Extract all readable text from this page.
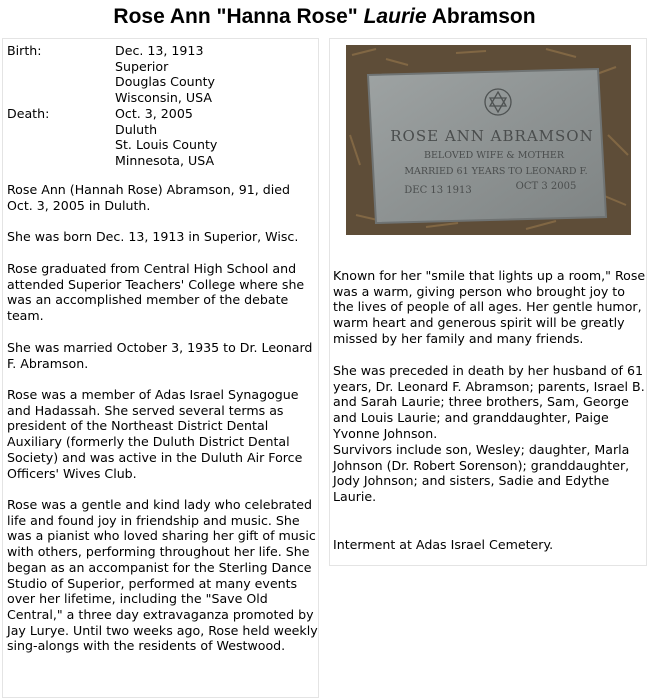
Rose Ann "Hanna Rose" Laurie Abramson
Birth:	Dec. 13, 1913
Superior
Douglas County
Wisconsin, USA
Death:	Oct. 3, 2005
Duluth
St. Louis County
Minnesota, USA

Rose Ann (Hannah Rose) Abramson, 91, died Oct. 3, 2005 in Duluth.

She was born Dec. 13, 1913 in Superior, Wisc.

Rose graduated from Central High School and attended Superior Teachers' College where she was an accomplished member of the debate team.

She was married October 3, 1935 to Dr. Leonard F. Abramson.

Rose was a member of Adas Israel Synagogue and Hadassah. She served several terms as president of the Northeast District Dental Auxiliary (formerly the Duluth District Dental Society) and was active in the Duluth Air Force Officers' Wives Club.

Rose was a gentle and kind lady who celebrated life and found joy in friendship and music. She was a pianist who loved sharing her gift of music with others, performing throughout her life. She began as an accompanist for the Sterling Dance Studio of Superior, performed at many events over her lifetime, including the "Save Old Central," a three day extravaganza promoted by Jay Lurye. Until two weeks ago, Rose held weekly sing-alongs with the residents of Westwood.

Known for her "smile that lights up a room," Rose was a warm, giving person who brought joy to the lives of people of all ages. Her gentle humor, warm heart and generous spirit will be greatly missed by her family and many friends.

She was preceded in death by her husband of 61 years, Dr. Leonard F. Abramson; parents, Israel B. and Sarah Laurie; three brothers, Sam, George and Louis Laurie; and granddaughter, Paige Yvonne Johnson.

Survivors include son, Wesley; daughter, Marla Johnson (Dr. Robert Sorenson); granddaughter, Jody Johnson; and sisters, Sadie and Edythe Laurie.

Interment at Adas Israel Cemetery.

ROSE ANN ABRAMSON
BELOVED WIFE & MOTHER
MARRIED 61 YEARS TO LEONARD F.
DEC 13 1913	OCT 3 2005
